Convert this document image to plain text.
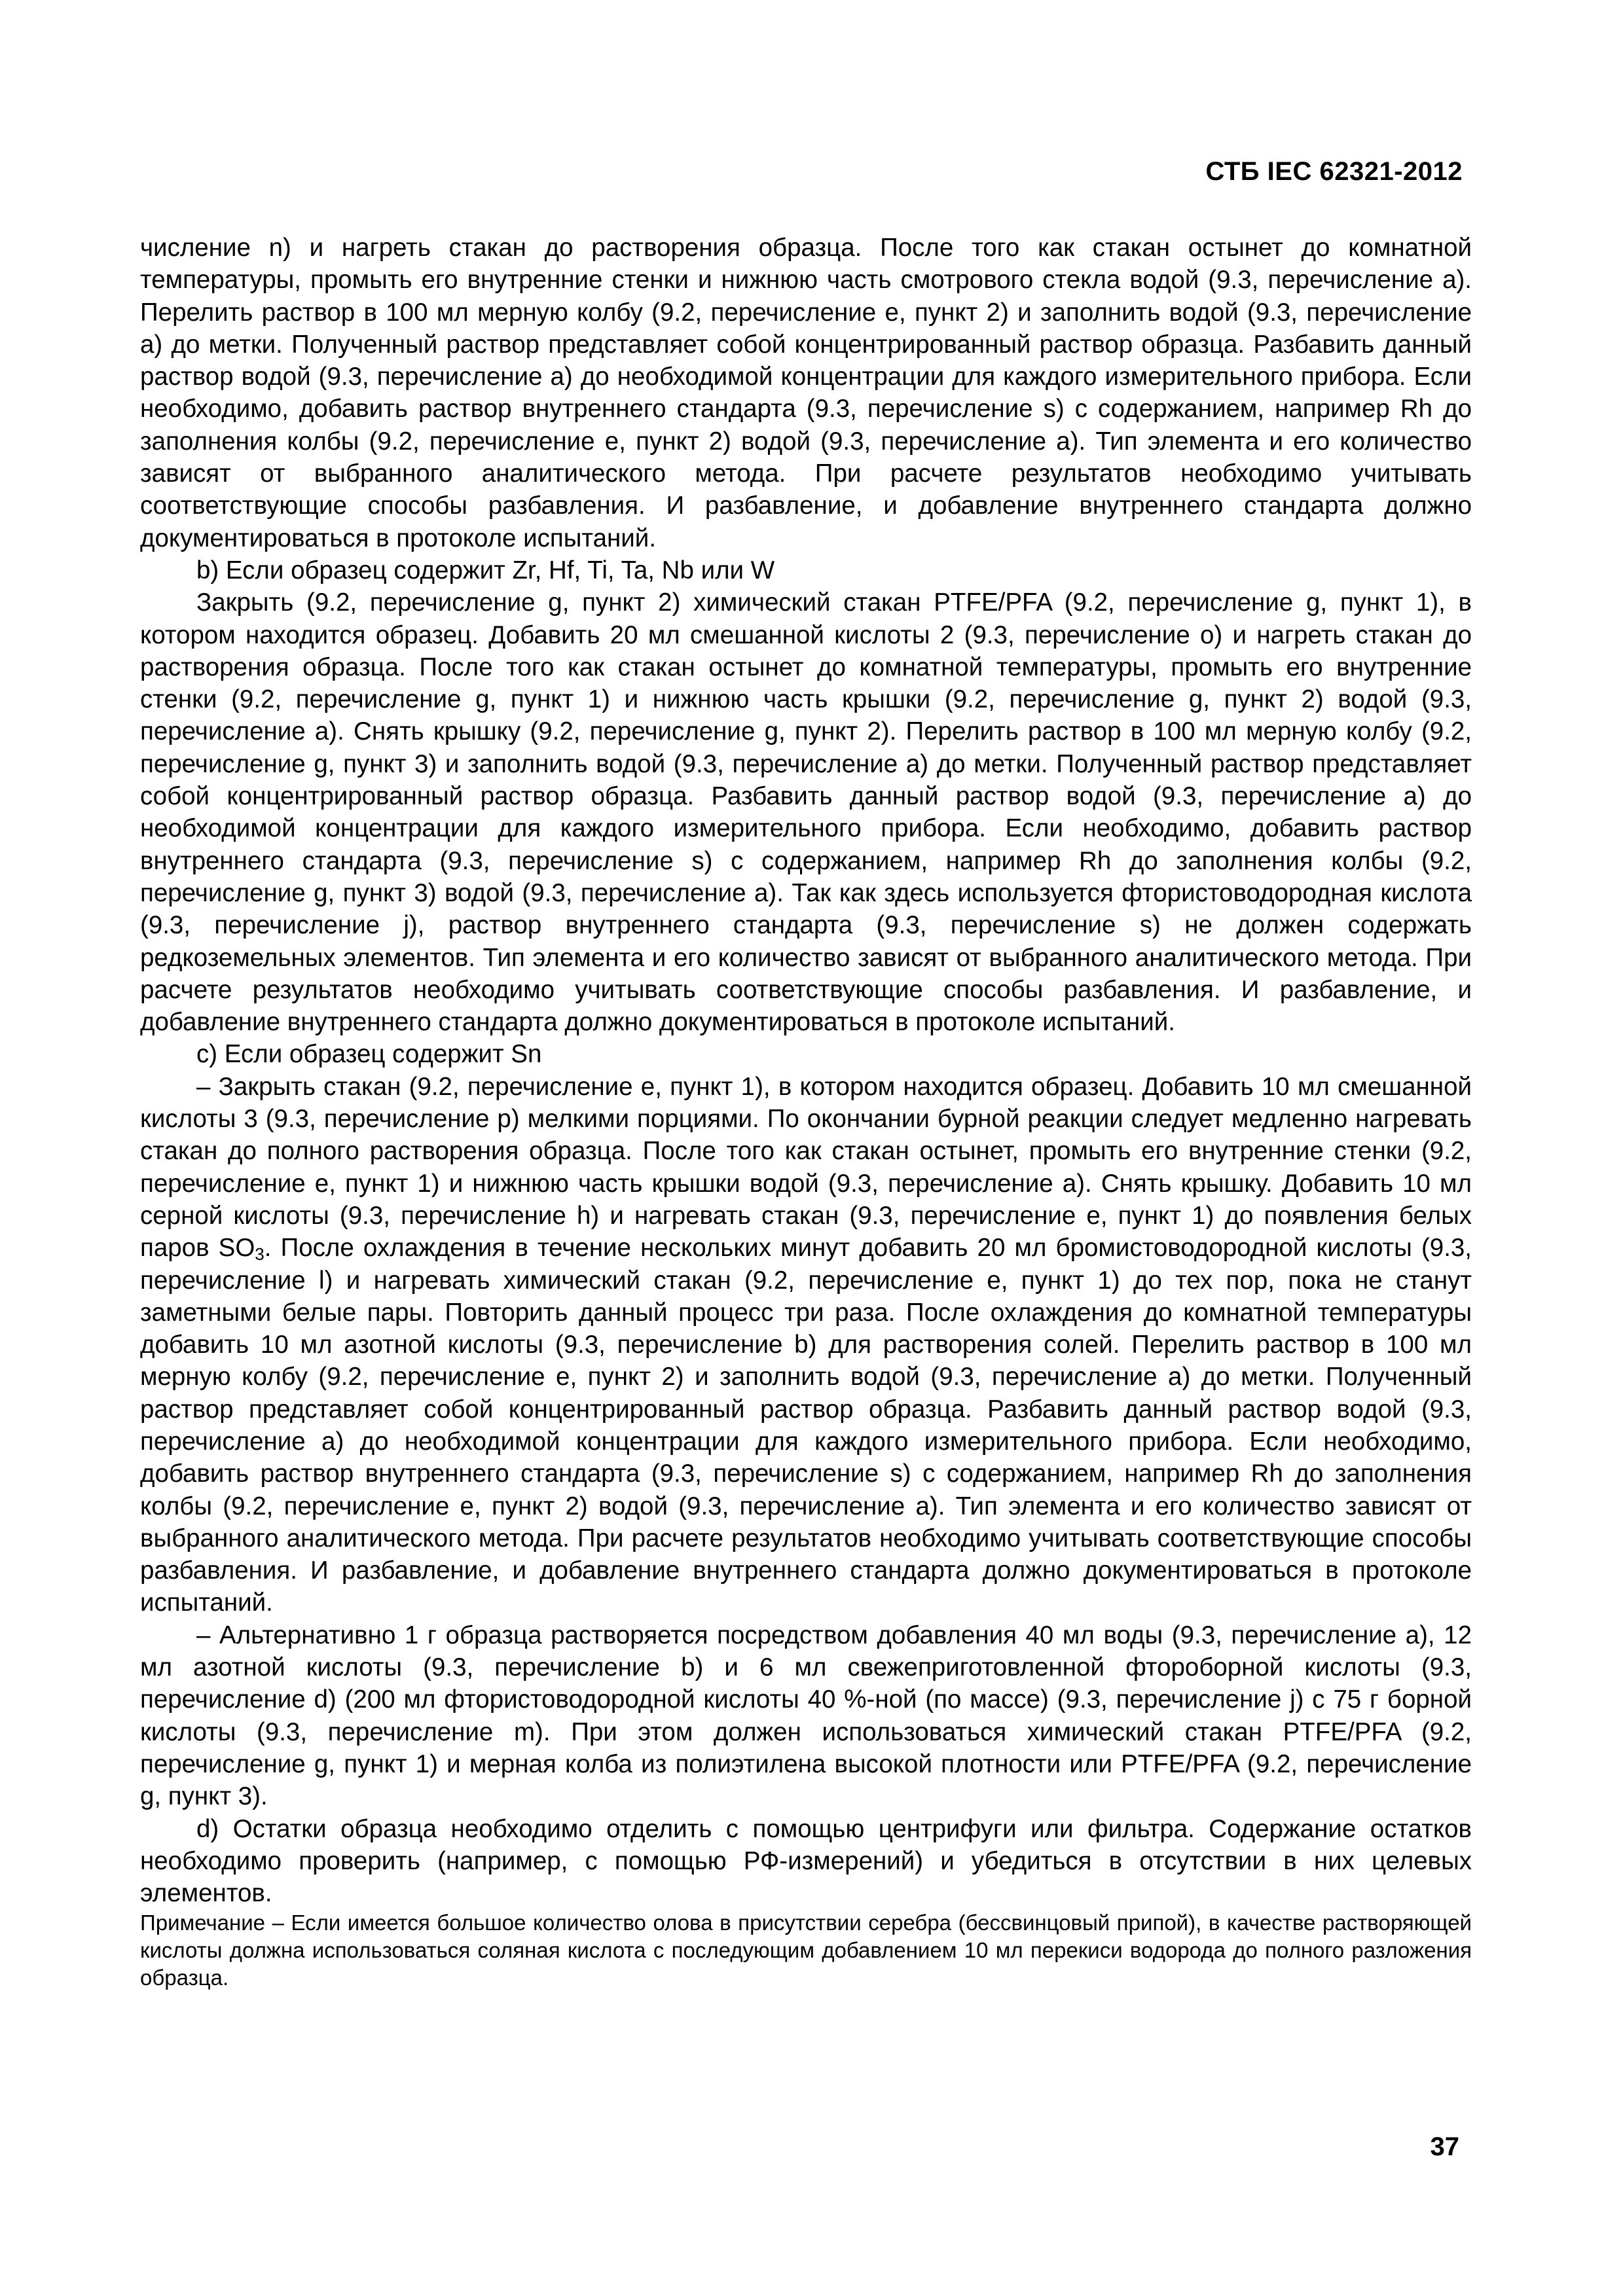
СТБ IEC 62321-2012

числение n) и нагреть стакан до растворения образца. После того как стакан остынет до комнатной температуры, промыть его внутренние стенки и нижнюю часть смотрового стекла водой (9.3, перечисление а). Перелить раствор в 100 мл мерную колбу (9.2, перечисление е, пункт 2) и заполнить водой (9.3, перечисление а) до метки. Полученный раствор представляет собой концентрированный раствор образца. Разбавить данный раствор водой (9.3, перечисление а) до необходимой концентрации для каждого измерительного прибора. Если необходимо, добавить раствор внутреннего стандарта (9.3, перечисление s) с содержанием, например Rh до заполнения колбы (9.2, перечисление е, пункт 2) водой (9.3, перечисление а). Тип элемента и его количество зависят от выбранного аналитического метода. При расчете результатов необходимо учитывать соответствующие способы разбавления. И разбавление, и добавление внутреннего стандарта должно документироваться в протоколе испытаний.

b) Если образец содержит Zr, Hf, Ti, Ta, Nb или W

Закрыть (9.2, перечисление g, пункт 2) химический стакан PTFE/PFA (9.2, перечисление g, пункт 1), в котором находится образец. Добавить 20 мл смешанной кислоты 2 (9.3, перечисление о) и нагреть стакан до растворения образца. После того как стакан остынет до комнатной температуры, промыть его внутренние стенки (9.2, перечисление g, пункт 1) и нижнюю часть крышки (9.2, перечисление g, пункт 2) водой (9.3, перечисление а). Снять крышку (9.2, перечисление g, пункт 2). Перелить раствор в 100 мл мерную колбу (9.2, перечисление g, пункт 3) и заполнить водой (9.3, перечисление а) до метки. Полученный раствор представляет собой концентрированный раствор образца. Разбавить данный раствор водой (9.3, перечисление а) до необходимой концентрации для каждого измерительного прибора. Если необходимо, добавить раствор внутреннего стандарта (9.3, перечисление s) с содержанием, например Rh до заполнения колбы (9.2, перечисление g, пункт 3) водой (9.3, перечисление а). Так как здесь используется фтористоводородная кислота (9.3, перечисление j), раствор внутреннего стандарта (9.3, перечисление s) не должен содержать редкоземельных элементов. Тип элемента и его количество зависят от выбранного аналитического метода. При расчете результатов необходимо учитывать соответствующие способы разбавления. И разбавление, и добавление внутреннего стандарта должно документироваться в протоколе испытаний.

с) Если образец содержит Sn

– Закрыть стакан (9.2, перечисление е, пункт 1), в котором находится образец. Добавить 10 мл смешанной кислоты 3 (9.3, перечисление р) мелкими порциями. По окончании бурной реакции следует медленно нагревать стакан до полного растворения образца. После того как стакан остынет, промыть его внутренние стенки (9.2, перечисление е, пункт 1) и нижнюю часть крышки водой (9.3, перечисление а). Снять крышку. Добавить 10 мл серной кислоты (9.3, перечисление h) и нагревать стакан (9.3, перечисление е, пункт 1) до появления белых паров $SO_3$. После охлаждения в течение нескольких минут добавить 20 мл бромистоводородной кислоты (9.3, перечисление l) и нагревать химический стакан (9.2, перечисление е, пункт 1) до тех пор, пока не станут заметными белые пары. Повторить данный процесс три раза. После охлаждения до комнатной температуры добавить 10 мл азотной кислоты (9.3, перечисление b) для растворения солей. Перелить раствор в 100 мл мерную колбу (9.2, перечисление е, пункт 2) и заполнить водой (9.3, перечисление а) до метки. Полученный раствор представляет собой концентрированный раствор образца. Разбавить данный раствор водой (9.3, перечисление а) до необходимой концентрации для каждого измерительного прибора. Если необходимо, добавить раствор внутреннего стандарта (9.3, перечисление s) с содержанием, например Rh до заполнения колбы (9.2, перечисление е, пункт 2) водой (9.3, перечисление а). Тип элемента и его количество зависят от выбранного аналитического метода. При расчете результатов необходимо учитывать соответствующие способы разбавления. И разбавление, и добавление внутреннего стандарта должно документироваться в протоколе испытаний.

– Альтернативно 1 г образца растворяется посредством добавления 40 мл воды (9.3, перечисление а), 12 мл азотной кислоты (9.3, перечисление b) и 6 мл свежеприготовленной фтороборной кислоты (9.3, перечисление d) (200 мл фтористоводородной кислоты 40 %-ной (по массе) (9.3, перечисление j) с 75 г борной кислоты (9.3, перечисление m). При этом должен использоваться химический стакан PTFE/PFA (9.2, перечисление g, пункт 1) и мерная колба из полиэтилена высокой плотности или PTFE/PFA (9.2, перечисление g, пункт 3).

d) Остатки образца необходимо отделить с помощью центрифуги или фильтра. Содержание остатков необходимо проверить (например, с помощью РФ-измерений) и убедиться в отсутствии в них целевых элементов.

Примечание – Если имеется большое количество олова в присутствии серебра (бессвинцовый припой), в качестве растворяющей кислоты должна использоваться соляная кислота с последующим добавлением 10 мл перекиси водорода до полного разложения образца.

37
